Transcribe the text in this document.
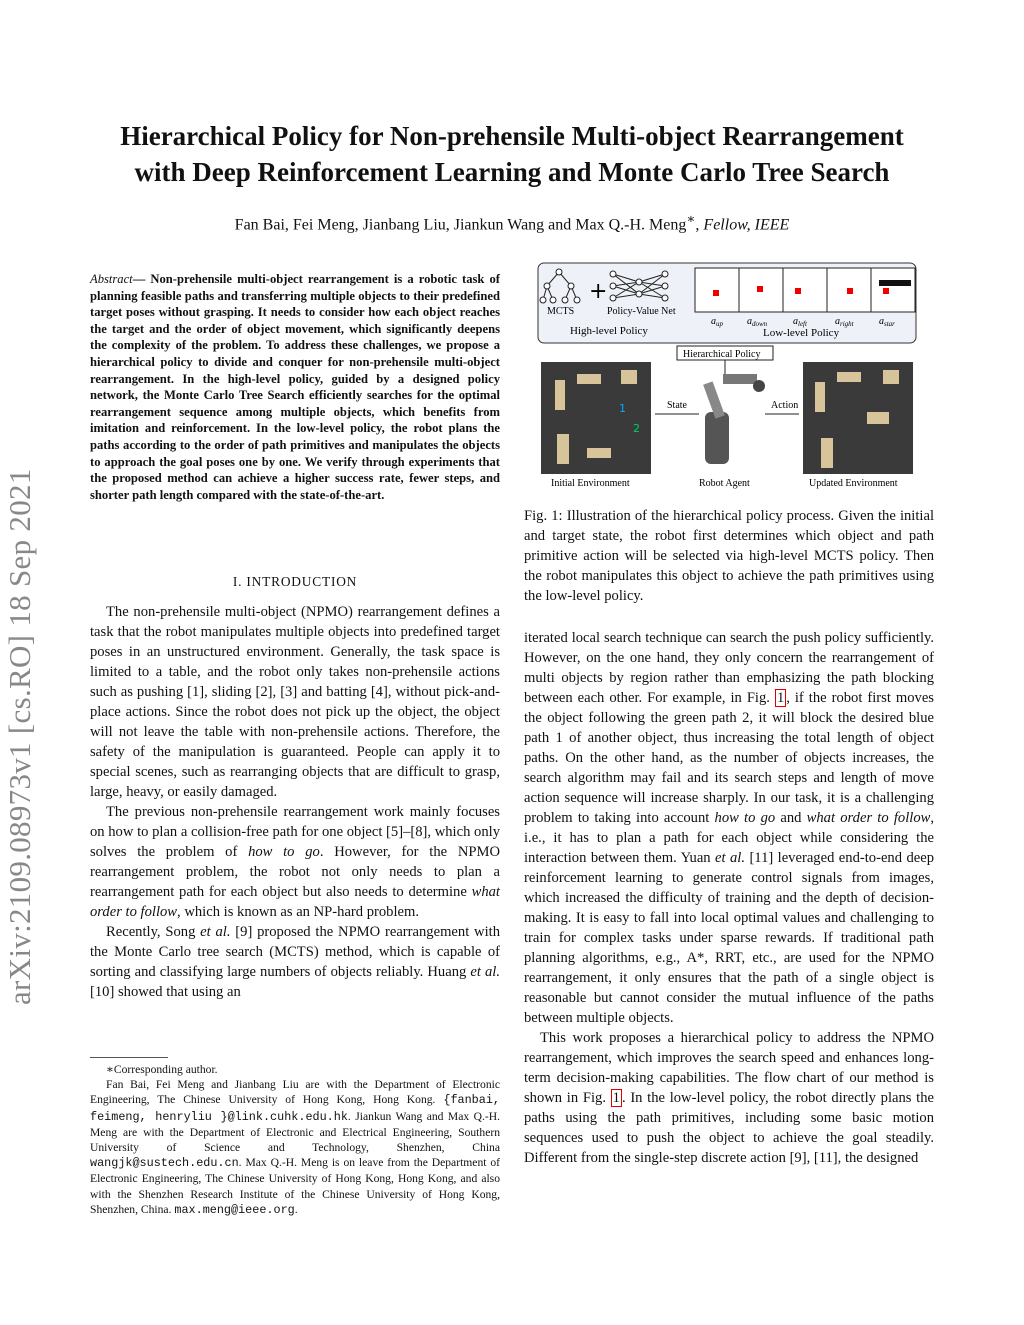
arXiv:2109.08973v1 [cs.RO] 18 Sep 2021
Hierarchical Policy for Non-prehensile Multi-object Rearrangement
with Deep Reinforcement Learning and Monte Carlo Tree Search
Fan Bai, Fei Meng, Jianbang Liu, Jiankun Wang and Max Q.-H. Meng∗, Fellow, IEEE
Abstract— Non-prehensile multi-object rearrangement is a robotic task of planning feasible paths and transferring multiple objects to their predefined target poses without grasping. It needs to consider how each object reaches the target and the order of object movement, which significantly deepens the complexity of the problem. To address these challenges, we propose a hierarchical policy to divide and conquer for non-prehensile multi-object rearrangement. In the high-level policy, guided by a designed policy network, the Monte Carlo Tree Search efficiently searches for the optimal rearrangement sequence among multiple objects, which benefits from imitation and reinforcement. In the low-level policy, the robot plans the paths according to the order of path primitives and manipulates the objects to approach the goal poses one by one. We verify through experiments that the proposed method can achieve a higher success rate, fewer steps, and shorter path length compared with the state-of-the-art.
I. INTRODUCTION

The non-prehensile multi-object (NPMO) rearrangement defines a task that the robot manipulates multiple objects into predefined target poses in an unstructured environment. Generally, the task space is limited to a table, and the robot only takes non-prehensile actions such as pushing [1], sliding [2], [3] and batting [4], without pick-and-place actions. Since the robot does not pick up the object, the object will not leave the table with non-prehensile actions. Therefore, the safety of the manipulation is guaranteed. People can apply it to special scenes, such as rearranging objects that are difficult to grasp, large, heavy, or easily damaged.

The previous non-prehensile rearrangement work mainly focuses on how to plan a collision-free path for one object [5]–[8], which only solves the problem of how to go. However, for the NPMO rearrangement problem, the robot not only needs to plan a rearrangement path for each object but also needs to determine what order to follow, which is known as an NP-hard problem.

Recently, Song et al. [9] proposed the NPMO rearrangement with the Monte Carlo tree search (MCTS) method, which is capable of sorting and classifying large numbers of objects reliably. Huang et al. [10] showed that using an

∗Corresponding author.

Fan Bai, Fei Meng and Jianbang Liu are with the Department of Electronic Engineering, The Chinese University of Hong Kong, Hong Kong. {fanbai, feimeng, henryliu }@link.cuhk.edu.hk. Jiankun Wang and Max Q.-H. Meng are with the Department of Electronic and Electrical Engineering, Southern University of Science and Technology, Shenzhen, China wangjk@sustech.edu.cn. Max Q.-H. Meng is on leave from the Department of Electronic Engineering, The Chinese University of Hong Kong, Hong Kong, and also with the Shenzhen Research Institute of the Chinese University of Hong Kong, Shenzhen, China. max.meng@ieee.org.

+
MCTS	Policy-Value Net
High-level Policy
$a_{up}$ $a_{down}$	$a_{left}$	$a_{right}$	$a_{star}$
Low-level Policy
Hierarchical Policy
1
2
State	Action
Initial Environment	Robot Agent	Updated Environment
Fig. 1: Illustration of the hierarchical policy process. Given the initial and target state, the robot first determines which object and path primitive action will be selected via high-level MCTS policy. Then the robot manipulates this object to achieve the path primitives using the low-level policy.

iterated local search technique can search the push policy sufficiently. However, on the one hand, they only concern the rearrangement of multi objects by region rather than emphasizing the path blocking between each other. For example, in Fig. 1 , if the robot first moves the object following the green path 2, it will block the desired blue path 1 of another object, thus increasing the total length of object paths. On the other hand, as the number of objects increases, the search algorithm may fail and its search steps and length of move action sequence will increase sharply. In our task, it is a challenging problem to taking into account how to go and what order to follow, i.e., it has to plan a path for each object while considering the interaction between them. Yuan et al. [11] leveraged end-to-end deep reinforcement learning to generate control signals from images, which increased the difficulty of training and the depth of decision-making. It is easy to fall into local optimal values and challenging to train for complex tasks under sparse rewards. If traditional path planning algorithms, e.g., A*, RRT, etc., are used for the NPMO rearrangement, it only ensures that the path of a single object is reasonable but cannot consider the mutual influence of the paths between multiple objects.

This work proposes a hierarchical policy to address the NPMO rearrangement, which improves the search speed and enhances long-term decision-making capabilities. The flow chart of our method is shown in Fig. 1 . In the low-level policy, the robot directly plans the paths using the path primitives, including some basic motion sequences used to push the object to achieve the goal steadily. Different from the single-step discrete action [9], [11], the designed
